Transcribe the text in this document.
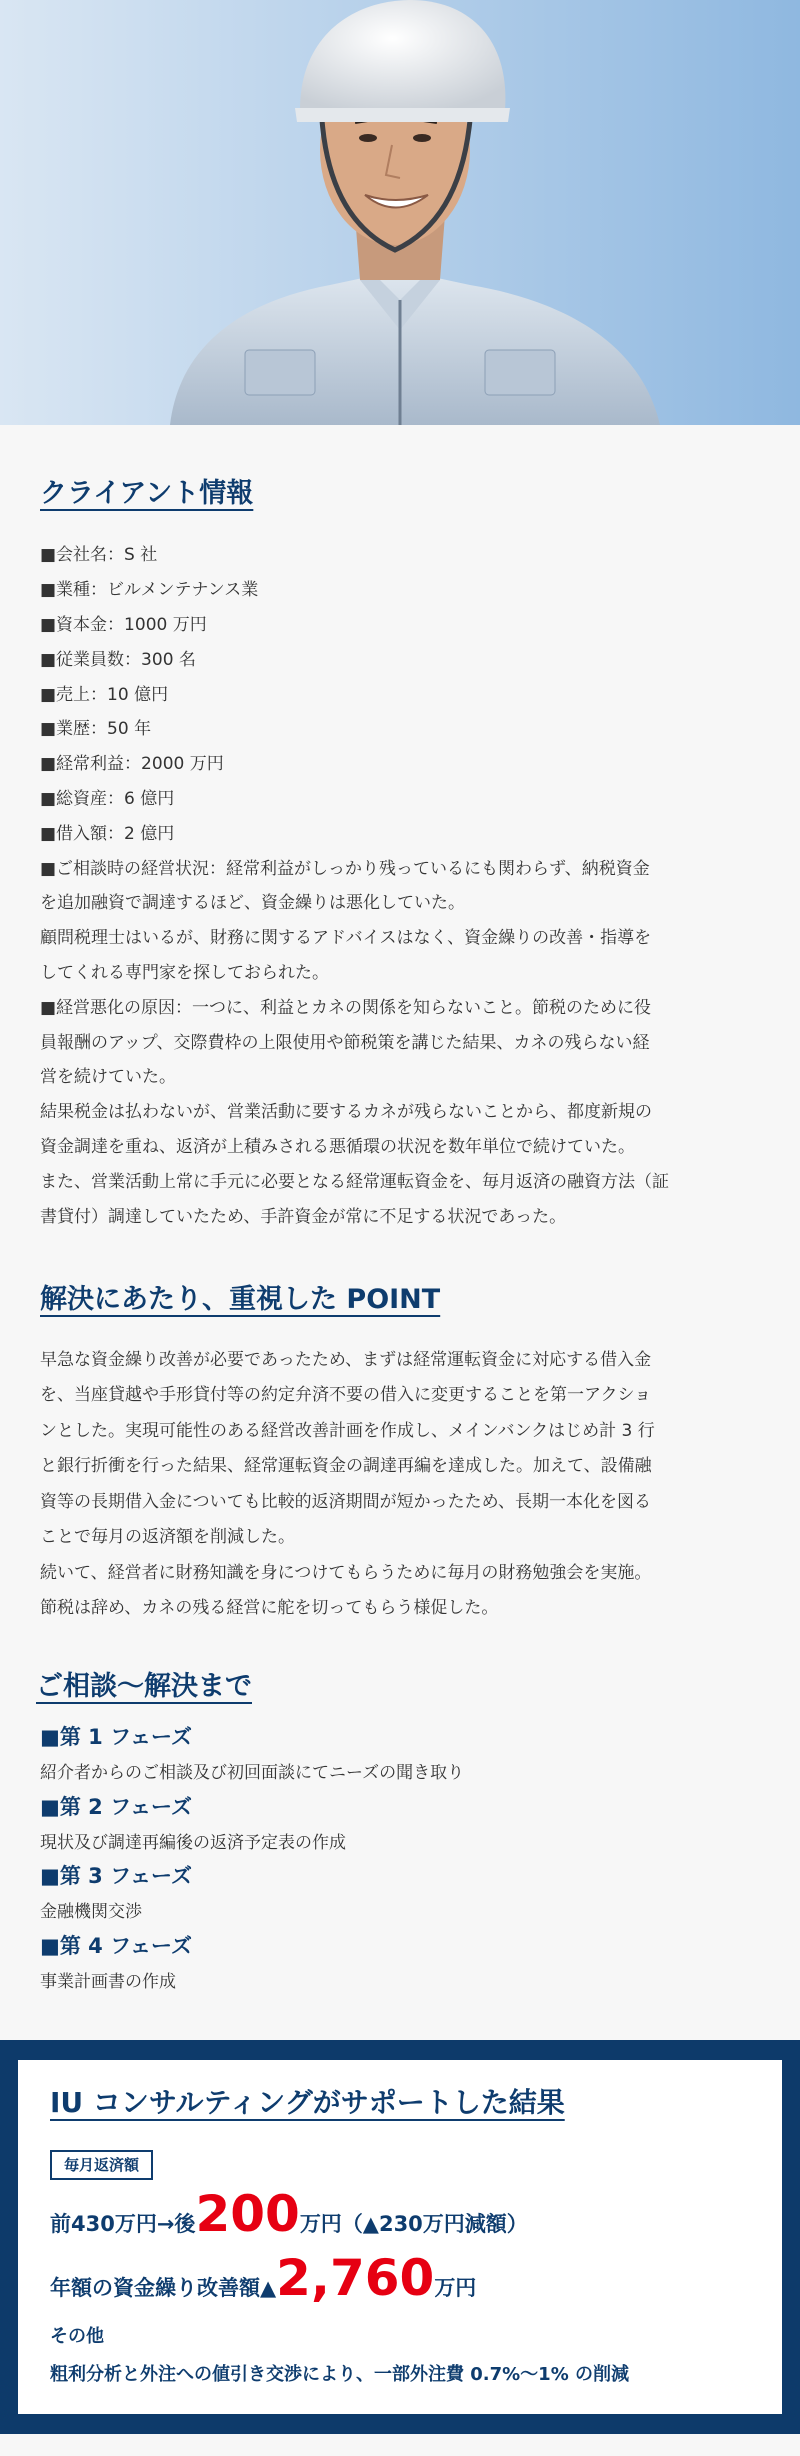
クライアント情報

■会社名：S 社

■業種：ビルメンテナンス業

■資本金：1000 万円

■従業員数：300 名

■売上：10 億円

■業歴：50 年

■経常利益：2000 万円

■総資産：6 億円

■借入額：2 億円

■ご相談時の経営状況：経常利益がしっかり残っているにも関わらず、納税資金

を追加融資で調達するほど、資金繰りは悪化していた。

顧問税理士はいるが、財務に関するアドバイスはなく、資金繰りの改善・指導を

してくれる専門家を探しておられた。

■経営悪化の原因：一つに、利益とカネの関係を知らないこと。節税のために役

員報酬のアップ、交際費枠の上限使用や節税策を講じた結果、カネの残らない経

営を続けていた。

結果税金は払わないが、営業活動に要するカネが残らないことから、都度新規の

資金調達を重ね、返済が上積みされる悪循環の状況を数年単位で続けていた。

また、営業活動上常に手元に必要となる経常運転資金を、毎月返済の融資方法（証

書貸付）調達していたため、手許資金が常に不足する状況であった。

解決にあたり、重視した POINT

早急な資金繰り改善が必要であったため、まずは経常運転資金に対応する借入金

を、当座貸越や手形貸付等の約定弁済不要の借入に変更することを第一アクショ

ンとした。実現可能性のある経営改善計画を作成し、メインバンクはじめ計 3 行

と銀行折衝を行った結果、経常運転資金の調達再編を達成した。加えて、設備融

資等の長期借入金についても比較的返済期間が短かったため、長期一本化を図る

ことで毎月の返済額を削減した。

続いて、経営者に財務知識を身につけてもらうために毎月の財務勉強会を実施。

節税は辞め、カネの残る経営に舵を切ってもらう様促した。

ご相談〜解決まで
■第 1 フェーズ
紹介者からのご相談及び初回面談にてニーズの聞き取り
■第 2 フェーズ
現状及び調達再編後の返済予定表の作成
■第 3 フェーズ
金融機関交渉
■第 4 フェーズ
事業計画書の作成
IU コンサルティングがサポートした結果
毎月返済額
前430万円→後200万円（▲230万円減額）
年額の資金繰り改善額▲2,760万円
その他
粗利分析と外注への値引き交渉により、一部外注費 0.7%〜1% の削減
